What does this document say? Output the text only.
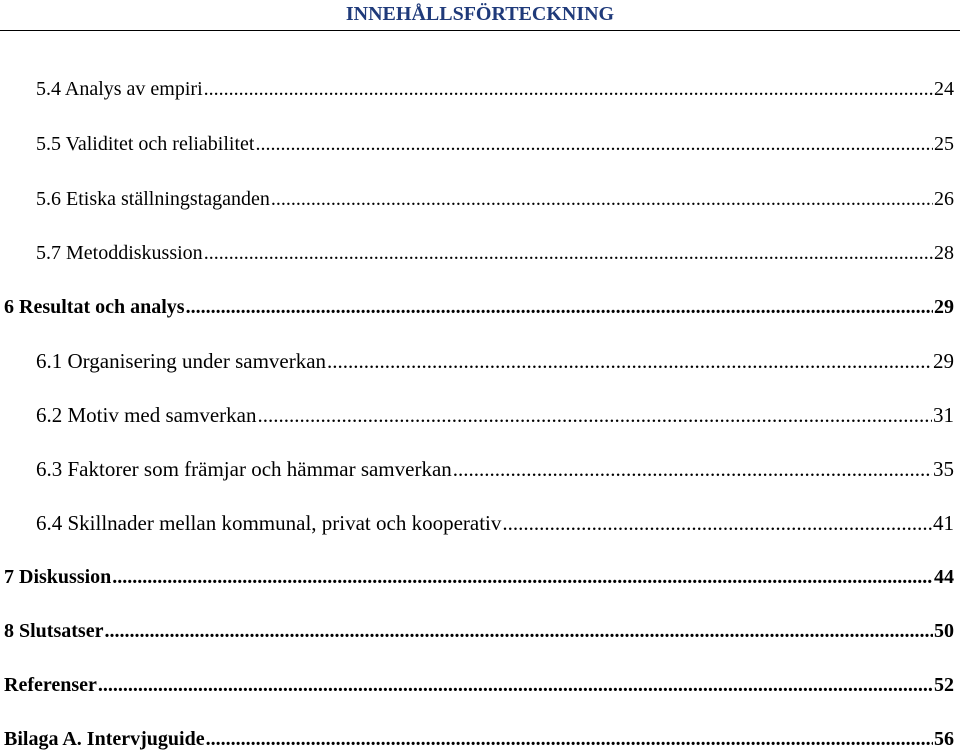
INNEHÅLLSFÖRTECKNING
5.4 Analys av empiri .....	24
5.5 Validitet och reliabilitet .....	25
5.6 Etiska ställningstaganden .....	26
5.7 Metoddiskussion .....	28
6 Resultat och analys .....	29
6.1 Organisering under samverkan .....	29
6.2 Motiv med samverkan .....	31
6.3 Faktorer som främjar och hämmar samverkan .....	35
6.4 Skillnader mellan kommunal, privat och kooperativ .....	41
7 Diskussion .....	44
8 Slutsatser .....	50
Referenser .....	52
Bilaga A. Intervjuguide .....	56
